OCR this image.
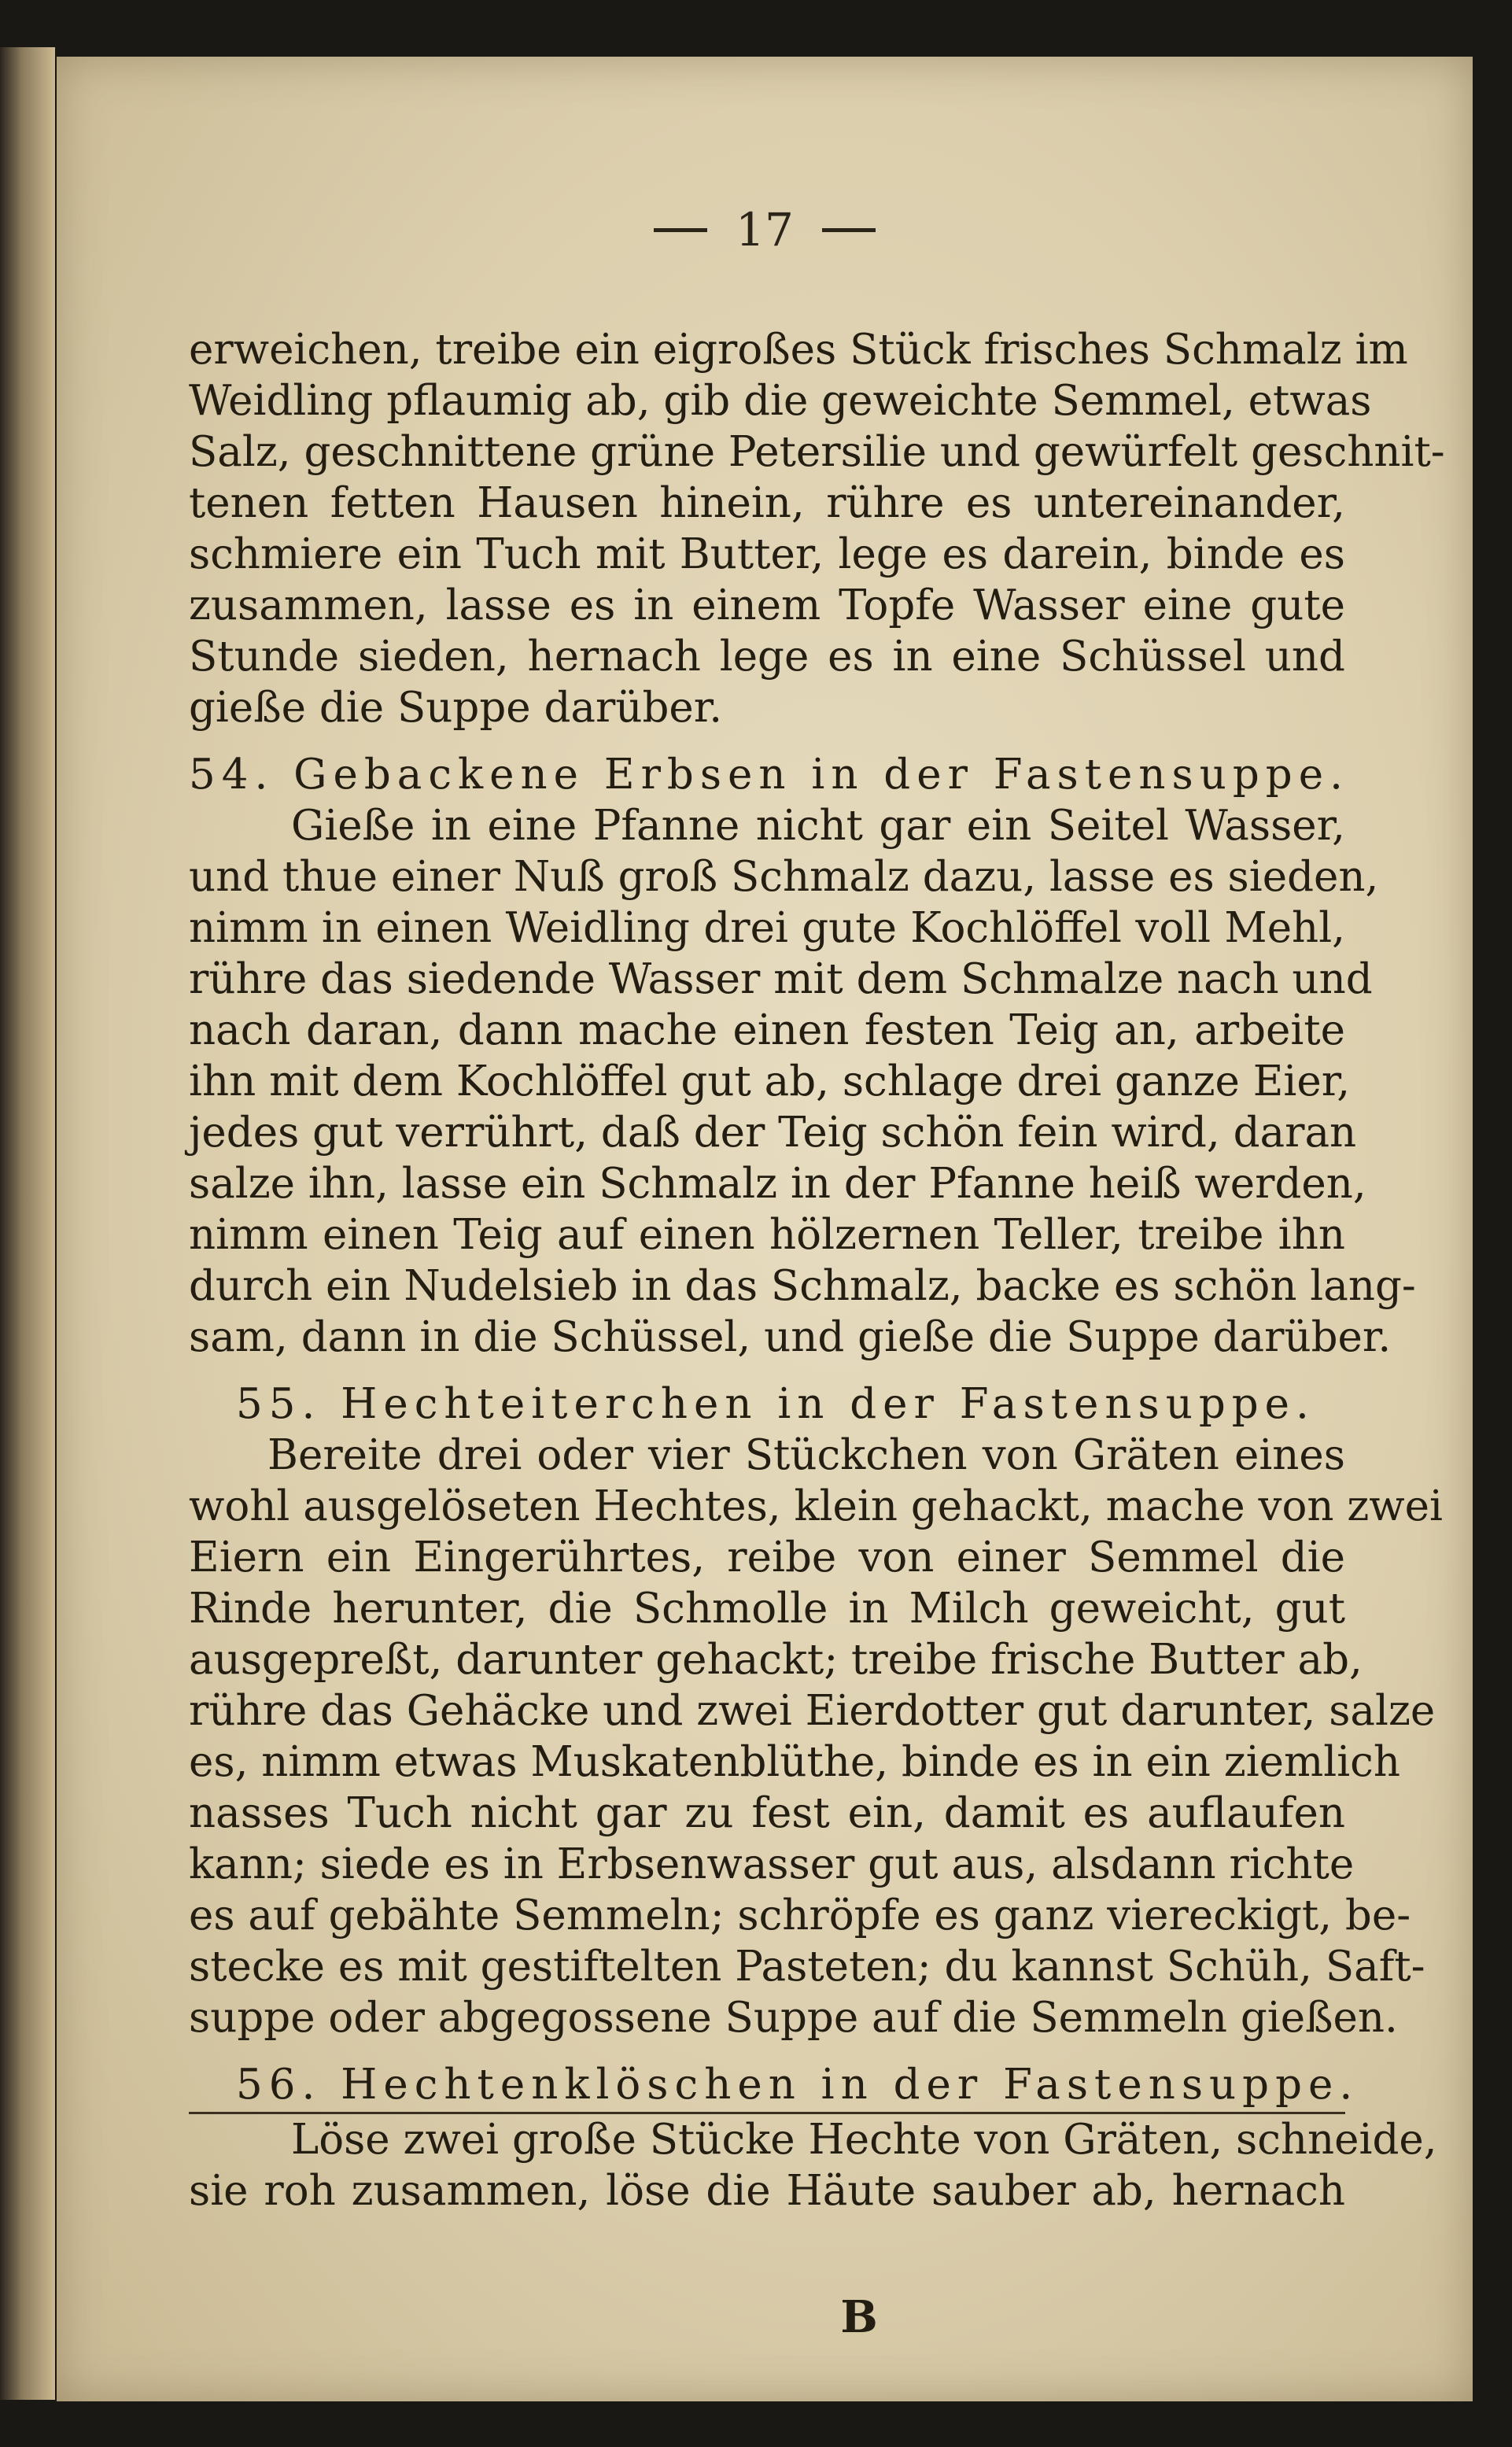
17
erweichen, treibe ein eigroßes Stück frisches Schmalz im
Weidling pflaumig ab, gib die geweichte Semmel, etwas
Salz, geschnittene grüne Petersilie und gewürfelt geschnit-
tenen fetten Hausen hinein, rühre es untereinander,
schmiere ein Tuch mit Butter, lege es darein, binde es
zusammen, lasse es in einem Topfe Wasser eine gute
Stunde sieden, hernach lege es in eine Schüssel und
gieße die Suppe darüber.
54. Gebackene Erbsen in der Fastensuppe.
Gieße in eine Pfanne nicht gar ein Seitel Wasser,
und thue einer Nuß groß Schmalz dazu, lasse es sieden,
nimm in einen Weidling drei gute Kochlöffel voll Mehl,
rühre das siedende Wasser mit dem Schmalze nach und
nach daran, dann mache einen festen Teig an, arbeite
ihn mit dem Kochlöffel gut ab, schlage drei ganze Eier,
jedes gut verrührt, daß der Teig schön fein wird, daran
salze ihn, lasse ein Schmalz in der Pfanne heiß werden,
nimm einen Teig auf einen hölzernen Teller, treibe ihn
durch ein Nudelsieb in das Schmalz, backe es schön lang-
sam, dann in die Schüssel, und gieße die Suppe darüber.
55. Hechteiterchen in der Fastensuppe.
Bereite drei oder vier Stückchen von Gräten eines
wohl ausgelöseten Hechtes, klein gehackt, mache von zwei
Eiern ein Eingerührtes, reibe von einer Semmel die
Rinde herunter, die Schmolle in Milch geweicht, gut
ausgepreßt, darunter gehackt; treibe frische Butter ab,
rühre das Gehäcke und zwei Eierdotter gut darunter, salze
es, nimm etwas Muskatenblüthe, binde es in ein ziemlich
nasses Tuch nicht gar zu fest ein, damit es auflaufen
kann; siede es in Erbsenwasser gut aus, alsdann richte
es auf gebähte Semmeln; schröpfe es ganz viereckigt, be-
stecke es mit gestiftelten Pasteten; du kannst Schüh, Saft-
suppe oder abgegossene Suppe auf die Semmeln gießen.
56. Hechtenklöschen in der Fastensuppe.
Löse zwei große Stücke Hechte von Gräten, schneide,
sie roh zusammen, löse die Häute sauber ab, hernach
B
